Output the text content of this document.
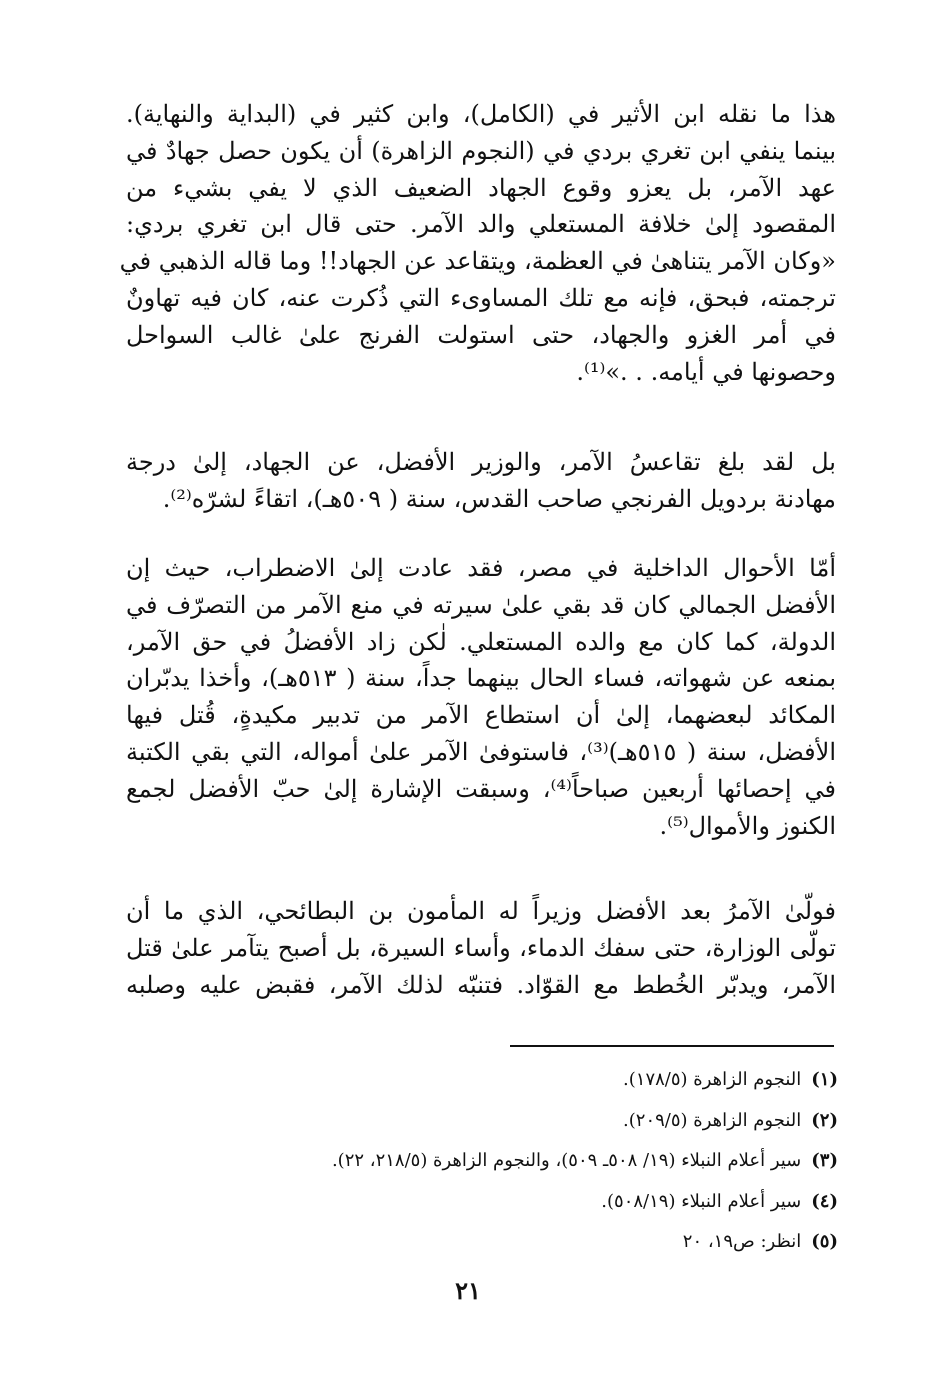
هذا ما نقله ابن الأثير في (الكامل)، وابن كثير في (البداية والنهاية).
بينما ينفي ابن تغري بردي في (النجوم الزاهرة) أن يكون حصل جهادٌ في
عهد الآمر، بل يعزو وقوع الجهاد الضعيف الذي لا يفي بشيء من
المقصود إلىٰ خلافة المستعلي والد الآمر. حتى قال ابن تغري بردي:
«وكان الآمر يتناهىٰ في العظمة، ويتقاعد عن الجهاد!! وما قاله الذهبي في
ترجمته، فبحق، فإنه مع تلك المساوىء التي ذُكرت عنه، كان فيه تهاونٌ
في أمر الغزو والجهاد، حتى استولت الفرنج علىٰ غالب السواحل
وحصونها في أيامه. . .»⁽¹⁾.
بل لقد بلغ تقاعسُ الآمر، والوزير الأفضل، عن الجهاد، إلىٰ درجة
مهادنة بردويل الفرنجي صاحب القدس، سنة ( ٥٠٩هـ)، اتقاءً لشرّه⁽²⁾.
أمّا الأحوال الداخلية في مصر، فقد عادت إلىٰ الاضطراب، حيث إن
الأفضل الجمالي كان قد بقي علىٰ سيرته في منع الآمر من التصرّف في
الدولة، كما كان مع والده المستعلي. لٰكن زاد الأفضلُ في حق الآمر،
بمنعه عن شهواته، فساء الحال بينهما جداً، سنة ( ٥١٣هـ)، وأخذا يدبّران
المكائد لبعضهما، إلىٰ أن استطاع الآمر من تدبير مكيدةٍ، قُتل فيها
الأفضل، سنة ( ٥١٥هـ)⁽³⁾، فاستوفىٰ الآمر علىٰ أمواله، التي بقي الكتبة
في إحصائها أربعين صباحاً⁽⁴⁾، وسبقت الإشارة إلىٰ حبّ الأفضل لجمع
الكنوز والأموال⁽⁵⁾.
فولّىٰ الآمرُ بعد الأفضل وزيراً له المأمون بن البطائحي، الذي ما أن
تولّى الوزارة، حتى سفك الدماء، وأساء السيرة، بل أصبح يتآمر علىٰ قتل
الآمر، ويدبّر الخُطط مع القوّاد. فتنبّه لذلك الآمر، فقبض عليه وصلبه
(١)النجوم الزاهرة (١٧٨/٥).
(٢)النجوم الزاهرة (٢٠٩/٥).
(٣)سير أعلام النبلاء (١٩/ ٥٠٨ـ ٥٠٩)، والنجوم الزاهرة (٢١٨/٥، ٢٢).
(٤)سير أعلام النبلاء (٥٠٨/١٩).
(٥)انظر: ص١٩، ٢٠
٢١
